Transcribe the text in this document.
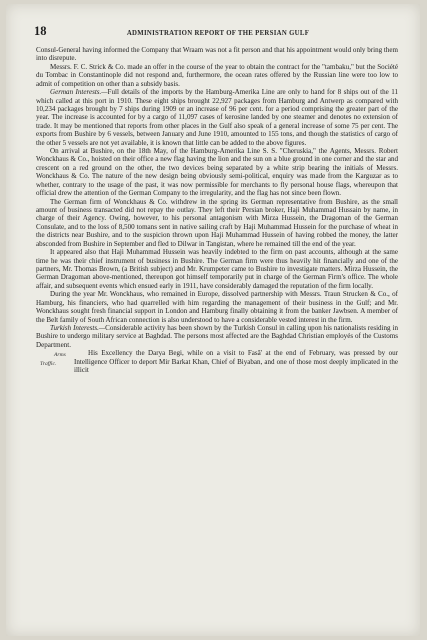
18	ADMINISTRATION REPORT OF THE PERSIAN GULF

Consul-General having informed the Company that Wraam was not a fit person and that his appointment would only bring them into disrepute.

Messrs. F. C. Strick & Co. made an offer in the course of the year to obtain the contract for the "tambaku," but the Société du Tombac in Constantinople did not respond and, furthermore, the ocean rates offered by the Russian line were too low to admit of competition on other than a subsidy basis.

German Interests.—Full details of the imports by the Hamburg-Amerika Line are only to hand for 8 ships out of the 11 which called at this port in 1910. These eight ships brought 22,927 packages from Hamburg and Antwerp as compared with 10,234 packages brought by 7 ships during 1909 or an increase of 96 per cent. for a period comprising the greater part of the year. The increase is accounted for by a cargo of 11,097 cases of kerosine landed by one steamer and denotes no extension of trade. It may be mentioned that reports from other places in the Gulf also speak of a general increase of some 75 per cent. The exports from Bushire by 6 vessels, between January and June 1910, amounted to 155 tons, and though the statistics of cargo of the other 5 vessels are not yet available, it is known that little can be added to the above figures.

On arrival at Bushire, on the 18th May, of the Hamburg-Amerika Line S. S. "Cheruskia," the Agents, Messrs. Robert Wonckhaus & Co., hoisted on their office a new flag having the lion and the sun on a blue ground in one corner and the star and crescent on a red ground on the other, the two devices being separated by a white strip bearing the initials of Messrs. Wonckhaus & Co. The nature of the new design being obviously semi-political, enquiry was made from the Karguzar as to whether, contrary to the usage of the past, it was now permissible for merchants to fly personal house flags, whereupon that official drew the attention of the German Company to the irregularity, and the flag has not since been flown.

The German firm of Wonckhaus & Co. withdrew in the spring its German representative from Bushire, as the small amount of business transacted did not repay the outlay. They left their Persian broker, Haji Muhammad Hussain by name, in charge of their Agency. Owing, however, to his personal antagonism with Mirza Hussein, the Dragoman of the German Consulate, and to the loss of 8,500 tomans sent in native sailing craft by Haji Muhammad Hussein for the purchase of wheat in the districts near Bushire, and to the suspicion thrown upon Haji Muhammad Hussein of having robbed the money, the latter absconded from Bushire in September and fled to Dilwar in Tangistan, where he remained till the end of the year.

It appeared also that Haji Muhammad Hussein was heavily indebted to the firm on past accounts, although at the same time he was their chief instrument of business in Bushire. The German firm were thus heavily hit financially and one of the partners, Mr. Thomas Brown, (a British subject) and Mr. Krumpeter came to Bushire to investigate matters. Mirza Hussein, the German Dragoman above-mentioned, thereupon got himself temporarily put in charge of the German Firm's office. The whole affair, and subsequent events which ensued early in 1911, have considerably damaged the reputation of the firm locally.

During the year Mr. Wonckhaus, who remained in Europe, dissolved partnership with Messrs. Traun Strucken & Co., of Hamburg, his financiers, who had quarrelled with him regarding the management of their business in the Gulf; and Mr. Wonckhaus sought fresh financial support in London and Hamburg finally obtaining it from the banker Jawbsen. A member of the Belt family of South African connection is also understood to have a considerable vested interest in the firm.

Turkish Interests.—Considerable activity has been shown by the Turkish Consul in calling upon his nationalists residing in Bushire to undergo military service at Baghdad. The persons most affected are the Baghdad Christian employés of the Customs Department.

Arms Traffic.
His Excellency the Darya Begi, while on a visit to Fasā' at the end of February, was pressed by our Intelligence Officer to deport Mir Barkat Khan, Chief of Biyaban, and one of those most deeply implicated in the illicit
